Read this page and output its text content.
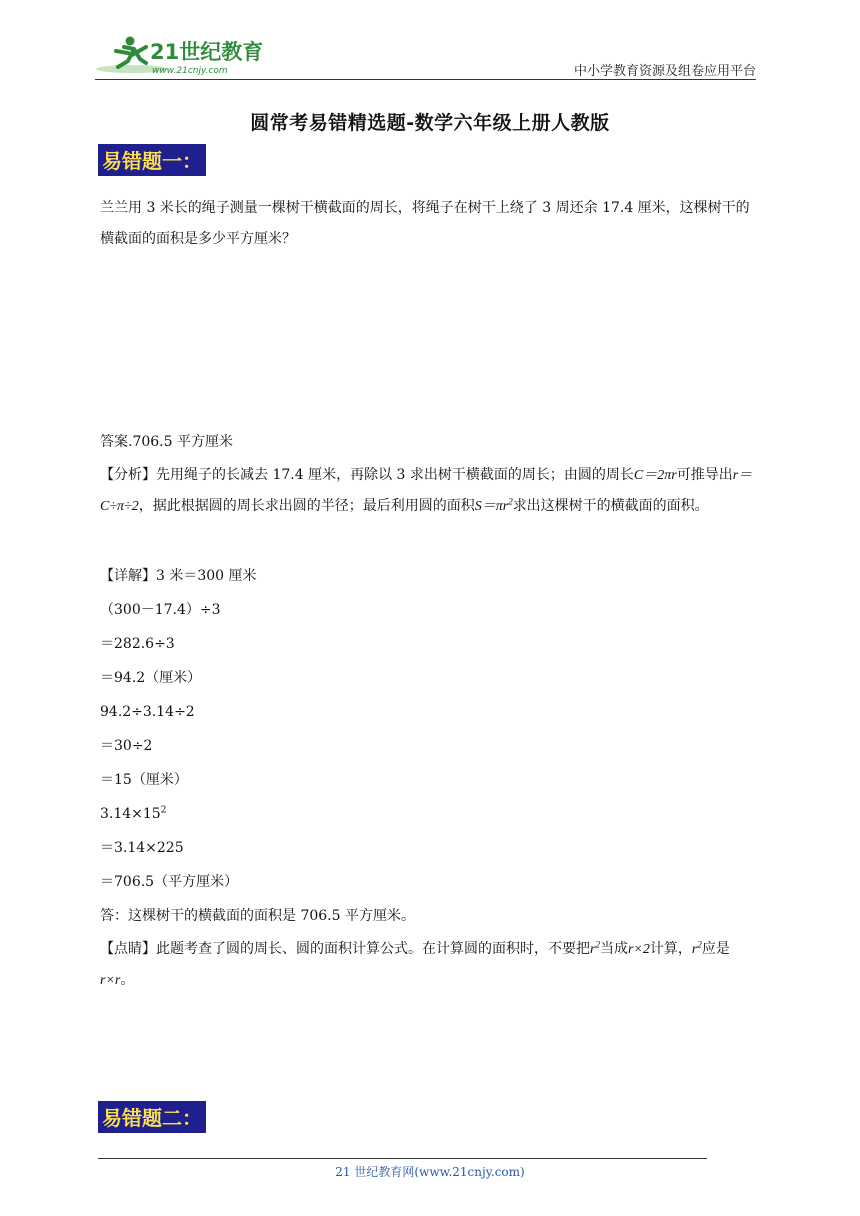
21世纪教育
www.21cnjy.com	中小学教育资源及组卷应用平台
圆常考易错精选题-数学六年级上册人教版
易错题一：
兰兰用 3 米长的绳子测量一棵树干横截面的周长，将绳子在树干上绕了 3 周还余 17.4 厘米，这棵树干的横截面的面积是多少平方厘米？
答案.706.5 平方厘米
【分析】先用绳子的长减去 17.4 厘米，再除以 3 求出树干横截面的周长；由圆的周长C＝2πr可推导出r＝C÷π÷2，据此根据圆的周长求出圆的半径；最后利用圆的面积$S=\pi r^2$求出这棵树干的横截面的面积。
【详解】3 米＝300 厘米
（300－17.4）÷3
＝282.6÷3
＝94.2（厘米）
94.2÷3.14÷2
＝30÷2
＝15（厘米）
$3.14\times 15^2$
＝3.14×225
＝706.5（平方厘米）
答：这棵树干的横截面的面积是 706.5 平方厘米。
【点睛】此题考查了圆的周长、圆的面积计算公式。在计算圆的面积时，不要把$r^2$当成r×2计算，$r^2$应是r×r。
易错题二：
21 世纪教育网(www.21cnjy.com)
